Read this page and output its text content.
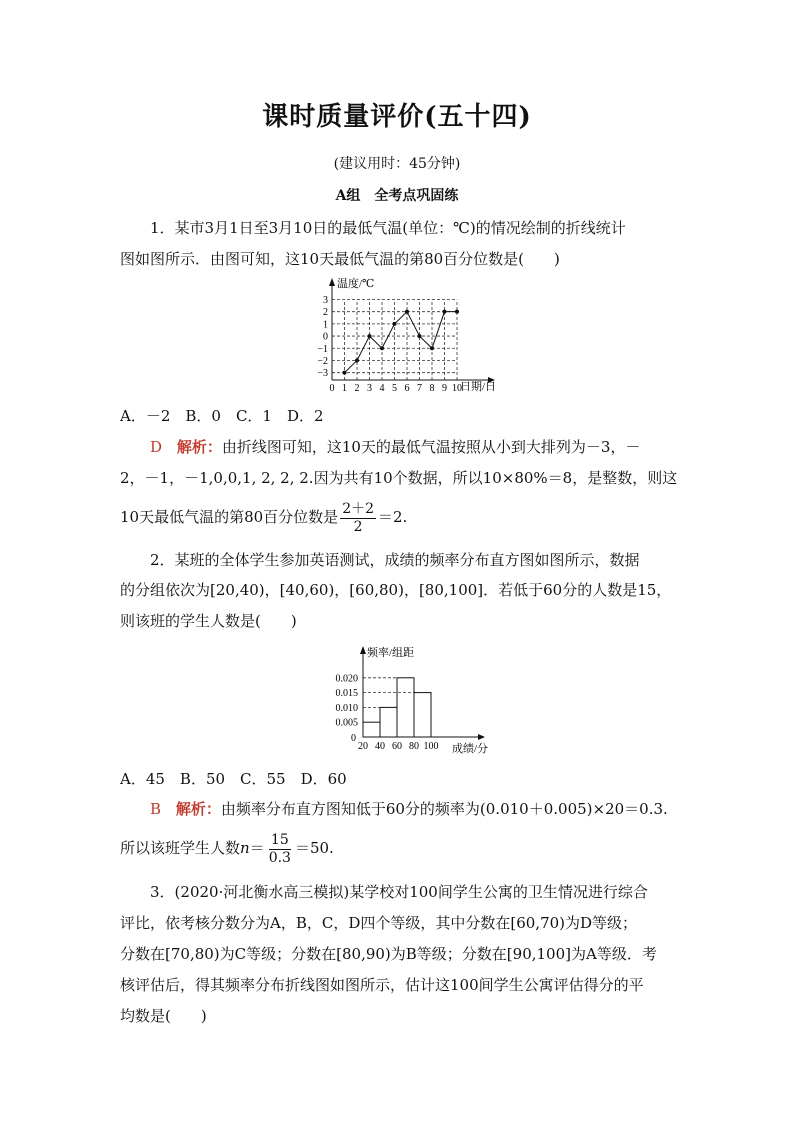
课时质量评价(五十四)
(建议用时：45分钟)
A组　全考点巩固练
1．某市3月1日至3月10日的最低气温(单位：℃)的情况绘制的折线统计
图如图所示．由图可知，这10天最低气温的第80百分位数是(　　)
−3
−2
−1
0
1
2
3
0 1 2 3 4 5 6 7 8 9 10
温度/℃
日期/日
A．－2　B．0　C．1　D．2
D 解析：由折线图可知，这10天的最低气温按照从小到大排列为－3，－
2，－1，－1,0,0,1, 2, 2, 2.因为共有10个数据，所以10×80%＝8，是整数，则这
10天最低气温的第80百分位数是 $\frac{2+2}{2} =2$.
2．某班的全体学生参加英语测试，成绩的频率分布直方图如图所示，数据
的分组依次为[20,40)，[40,60)，[60,80)，[80,100]．若低于60分的人数是15，
则该班的学生人数是(　　)
0.005
0.010
0.015
0.020
20 40 60 80 100
频率/组距
成绩/分
0
A．45　B．50　C．55　D．60
B 解析：由频率分布直方图知低于60分的频率为(0.010＋0.005)×20＝0.3.
所以该班学生人数$n= \frac{15}{0.3} =50$.
3．(2020·河北衡水高三模拟)某学校对100间学生公寓的卫生情况进行综合
评比，依考核分数分为A，B，C，D四个等级，其中分数在[60,70)为D等级；
分数在[70,80)为C等级；分数在[80,90)为B等级；分数在[90,100]为A等级．考
核评估后，得其频率分布折线图如图所示，估计这100间学生公寓评估得分的平
均数是(　　)
